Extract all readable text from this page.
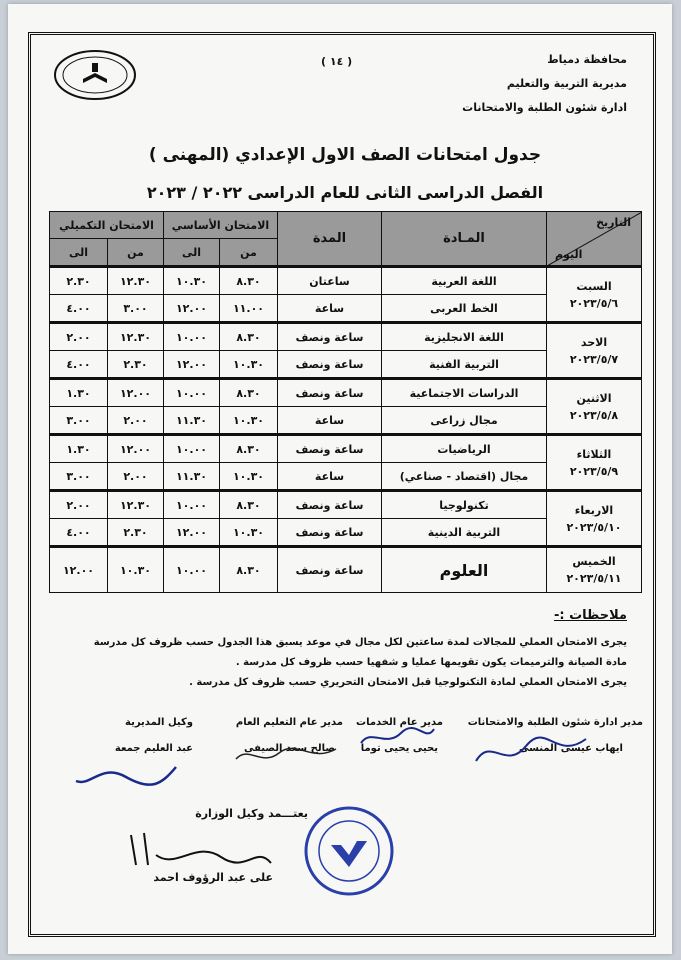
محافظة دمياط
مديرية التربية والتعليم
ادارة شئون الطلبة والامتحانات
( ١٤ )
جدول امتحانات الصف الاول الإعدادي (المهنى )
الفصل الدراسى الثانى للعام الدراسى ٢٠٢٢ / ٢٠٢٣
التاريخ
اليوم	المـادة	المدة	الامتحان الأساسي		الامتحان التكميلي	
			من	الى	من	الى

السبت
٢٠٢٣/٥/٦	اللغة العربية	ساعتان	٨.٣٠	١٠.٣٠	١٢.٣٠	٢.٣٠
	الخط العربى	ساعة	١١.٠٠	١٢.٠٠	٣.٠٠	٤.٠٠

الاحد
٢٠٢٣/٥/٧	اللغة الانجليزية	ساعة ونصف	٨.٣٠	١٠.٠٠	١٢.٣٠	٢.٠٠
	التربية الفنية	ساعة ونصف	١٠.٣٠	١٢.٠٠	٢.٣٠	٤.٠٠

الاثنين
٢٠٢٣/٥/٨	الدراسات الاجتماعية	ساعة ونصف	٨.٣٠	١٠.٠٠	١٢.٠٠	١.٣٠
	مجال زراعى	ساعة	١٠.٣٠	١١.٣٠	٢.٠٠	٣.٠٠

الثلاثاء
٢٠٢٣/٥/٩	الرياضيات	ساعة ونصف	٨.٣٠	١٠.٠٠	١٢.٠٠	١.٣٠
	مجال (اقتصاد - صناعي)	ساعة	١٠.٣٠	١١.٣٠	٢.٠٠	٣.٠٠

الاربعاء
٢٠٢٣/٥/١٠	تكنولوجيا	ساعة ونصف	٨.٣٠	١٠.٠٠	١٢.٣٠	٢.٠٠
	التربية الدينية	ساعة ونصف	١٠.٣٠	١٢.٠٠	٢.٣٠	٤.٠٠

الخميس
٢٠٢٣/٥/١١	العلوم	ساعة ونصف	٨.٣٠	١٠.٠٠	١٠.٣٠	١٢.٠٠
ملاحظات :-
يجرى الامتحان العملي للمجالات لمدة ساعتين لكل مجال في موعد يسبق هذا الجدول حسب ظروف كل مدرسة
مادة الصيانة والترميمات يكون تقويمها عمليا و شفهيا حسب ظروف كل مدرسة .
يجرى الامتحان العملي لمادة التكنولوجيا قبل الامتحان التحريري حسب ظروف كل مدرسة .
مدير ادارة شئون الطلبة والامتحانات
ايهاب عيسى المنسى
مدير عام الخدمات
يحيى يحيى توما
مدير عام التعليم العام
صالح سعد الصيفى
وكيل المديرية
عبد العليم جمعة
يعتـــمد وكيل الوزارة
على عبد الرؤوف احمد
